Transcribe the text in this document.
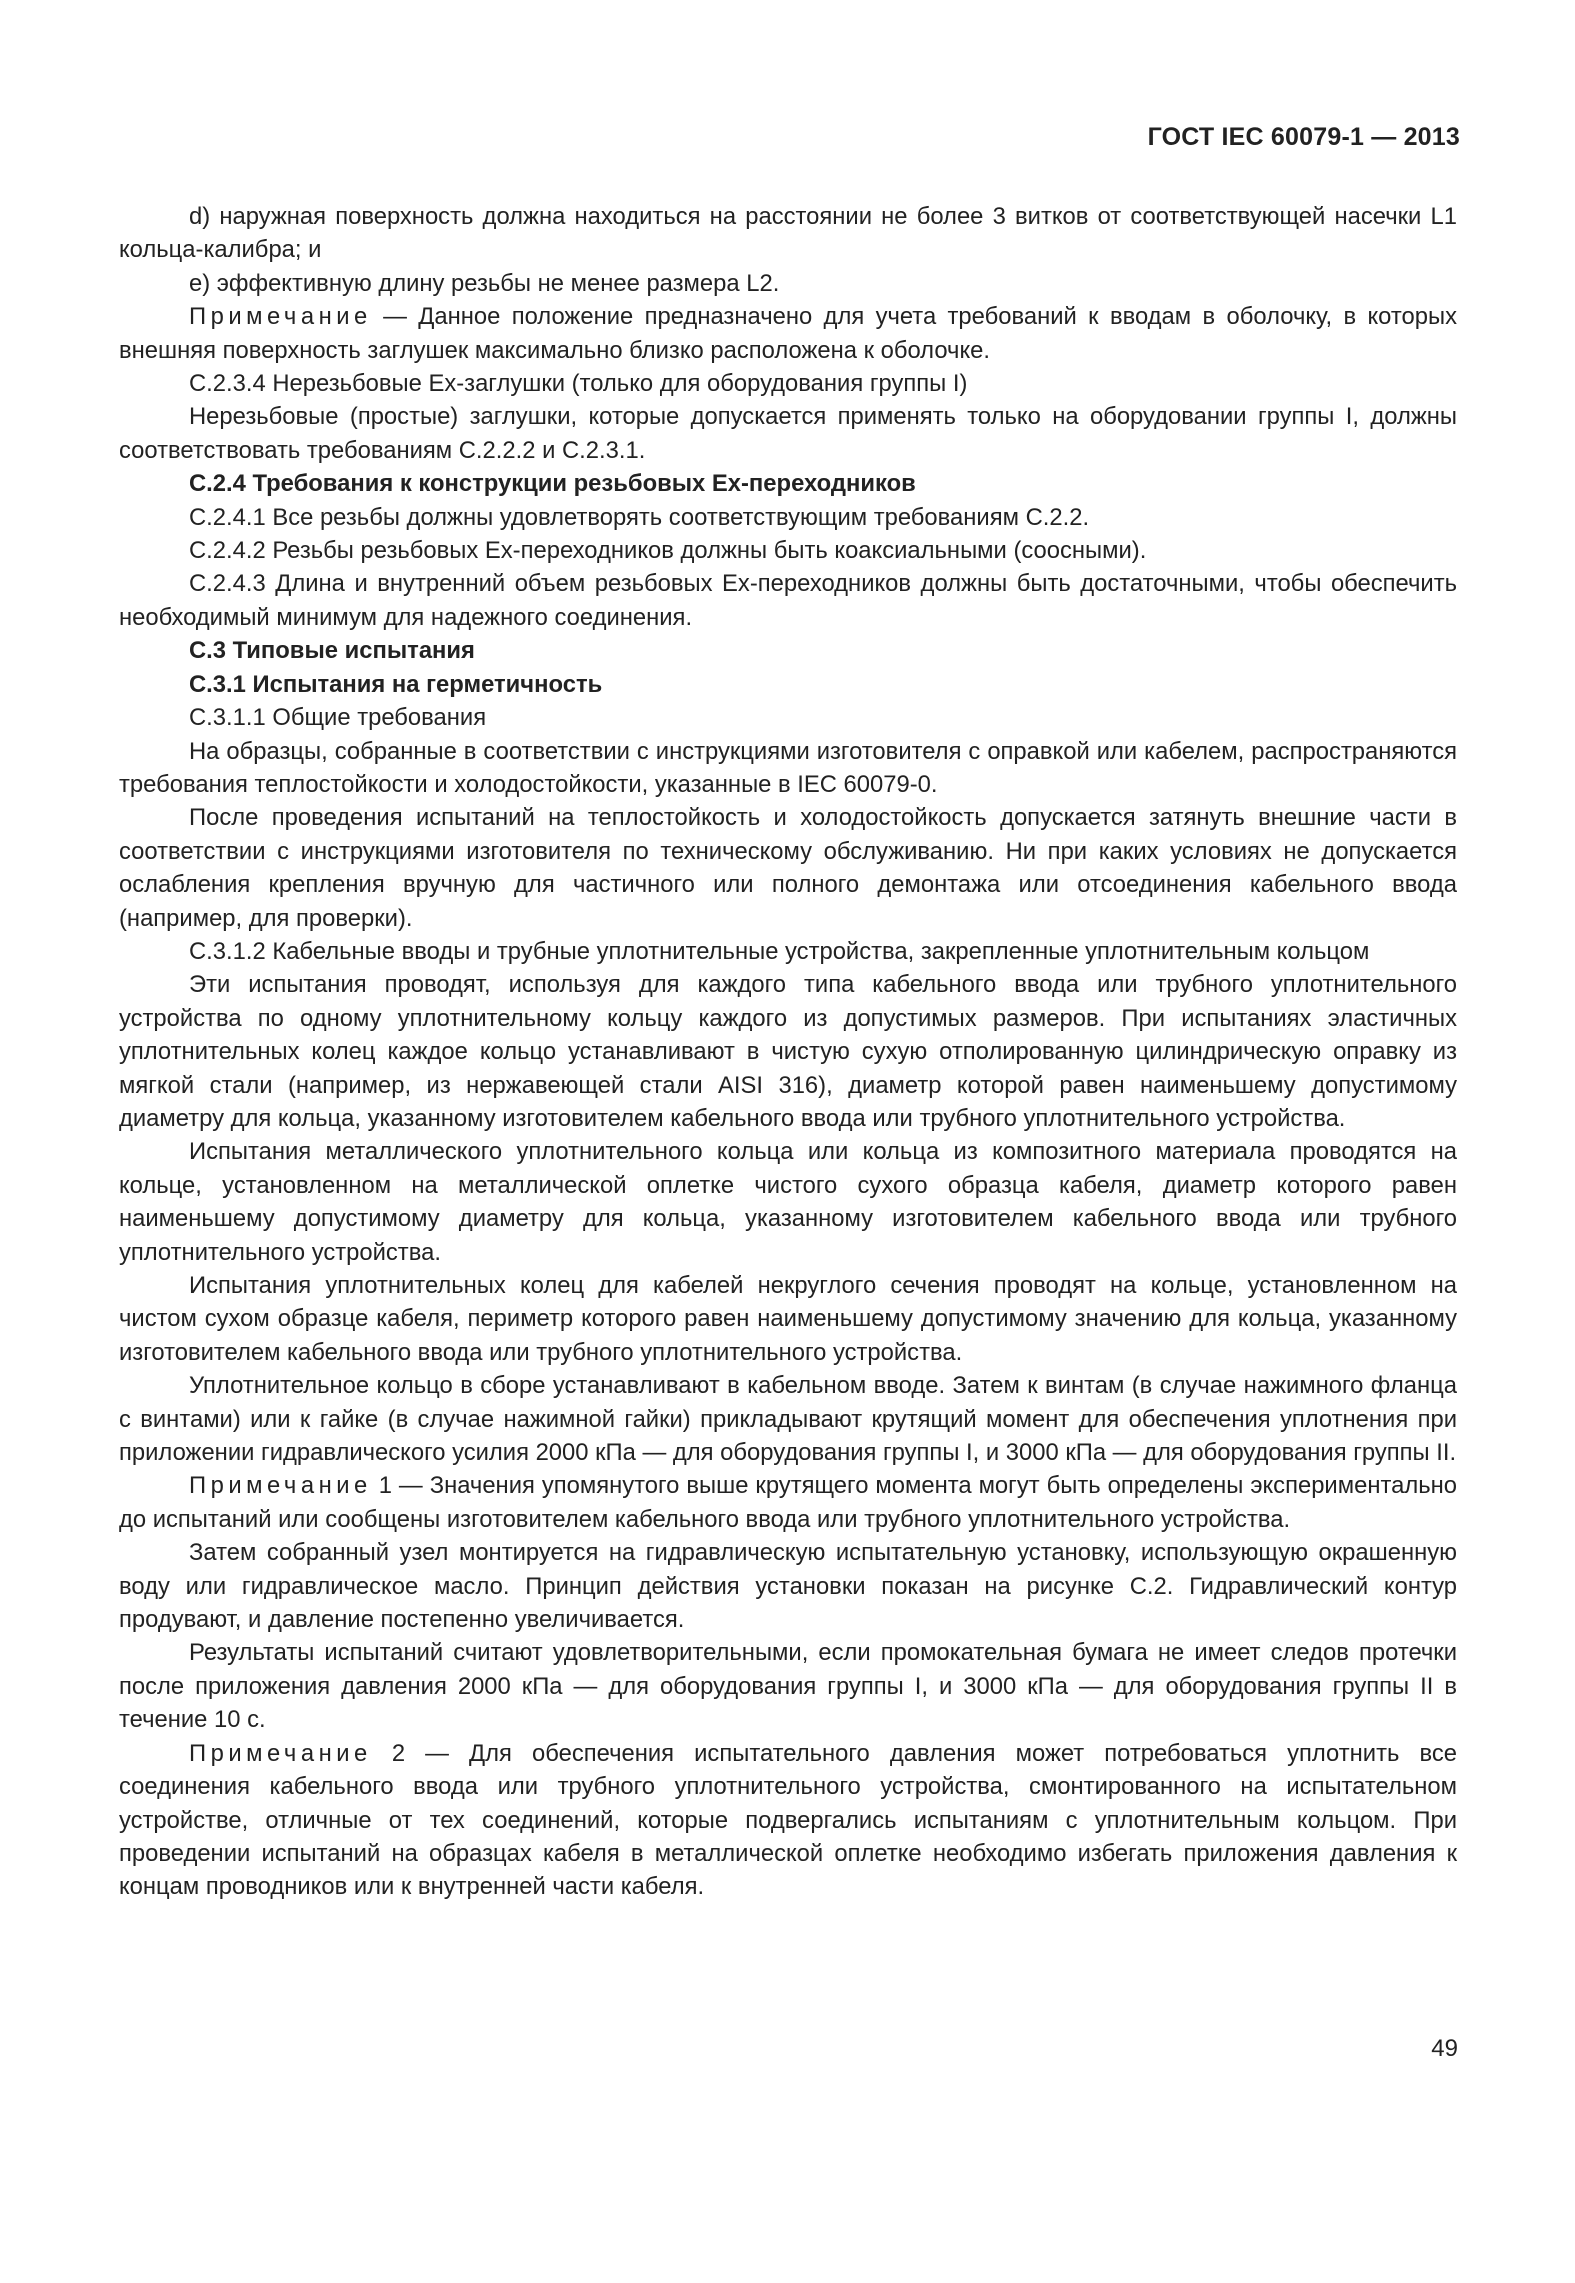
ГОСТ IEC 60079-1 — 2013

d) наружная поверхность должна находиться на расстоянии не более 3 витков от соответствующей насечки L1 кольца-калибра; и

e) эффективную длину резьбы не менее размера L2.

Примечание — Данное положение предназначено для учета требований к вводам в оболочку, в которых внешняя поверхность заглушек максимально близко расположена к оболочке.

С.2.3.4 Нерезьбовые Ex-заглушки (только для оборудования группы I)

Нерезьбовые (простые) заглушки, которые допускается применять только на оборудовании группы I, должны соответствовать требованиям С.2.2.2 и С.2.3.1.

С.2.4 Требования к конструкции резьбовых Ex-переходников

С.2.4.1 Все резьбы должны удовлетворять соответствующим требованиям С.2.2.

С.2.4.2 Резьбы резьбовых Ex-переходников должны быть коаксиальными (соосными).

С.2.4.3 Длина и внутренний объем резьбовых Ex-переходников должны быть достаточными, чтобы обеспечить необходимый минимум для надежного соединения.

С.3 Типовые испытания

С.3.1 Испытания на герметичность

С.3.1.1 Общие требования

На образцы, собранные в соответствии с инструкциями изготовителя с оправкой или кабелем, распространяются требования теплостойкости и холодостойкости, указанные в IEC 60079-0.

После проведения испытаний на теплостойкость и холодостойкость допускается затянуть внешние части в соответствии с инструкциями изготовителя по техническому обслуживанию. Ни при каких условиях не допускается ослабления крепления вручную для частичного или полного демонтажа или отсоединения кабельного ввода (например, для проверки).

С.3.1.2 Кабельные вводы и трубные уплотнительные устройства, закрепленные уплотнительным кольцом

Эти испытания проводят, используя для каждого типа кабельного ввода или трубного уплотнительного устройства по одному уплотнительному кольцу каждого из допустимых размеров. При испытаниях эластичных уплотнительных колец каждое кольцо устанавливают в чистую сухую отполированную цилиндрическую оправку из мягкой стали (например, из нержавеющей стали AISI 316), диаметр которой равен наименьшему допустимому диаметру для кольца, указанному изготовителем кабельного ввода или трубного уплотнительного устройства.

Испытания металлического уплотнительного кольца или кольца из композитного материала проводятся на кольце, установленном на металлической оплетке чистого сухого образца кабеля, диаметр которого равен наименьшему допустимому диаметру для кольца, указанному изготовителем кабельного ввода или трубного уплотнительного устройства.

Испытания уплотнительных колец для кабелей некруглого сечения проводят на кольце, установленном на чистом сухом образце кабеля, периметр которого равен наименьшему допустимому значению для кольца, указанному изготовителем кабельного ввода или трубного уплотнительного устройства.

Уплотнительное кольцо в сборе устанавливают в кабельном вводе. Затем к винтам (в случае нажимного фланца с винтами) или к гайке (в случае нажимной гайки) прикладывают крутящий момент для обеспечения уплотнения при приложении гидравлического усилия 2000 кПа — для оборудования группы I, и 3000 кПа — для оборудования группы II.

Примечание 1 — Значения упомянутого выше крутящего момента могут быть определены экспериментально до испытаний или сообщены изготовителем кабельного ввода или трубного уплотнительного устройства.

Затем собранный узел монтируется на гидравлическую испытательную установку, использующую окрашенную воду или гидравлическое масло. Принцип действия установки показан на рисунке С.2. Гидравлический контур продувают, и давление постепенно увеличивается.

Результаты испытаний считают удовлетворительными, если промокательная бумага не имеет следов протечки после приложения давления 2000 кПа — для оборудования группы I, и 3000 кПа — для оборудования группы II в течение 10 с.

Примечание 2 — Для обеспечения испытательного давления может потребоваться уплотнить все соединения кабельного ввода или трубного уплотнительного устройства, смонтированного на испытательном устройстве, отличные от тех соединений, которые подвергались испытаниям с уплотнительным кольцом. При проведении испытаний на образцах кабеля в металлической оплетке необходимо избегать приложения давления к концам проводников или к внутренней части кабеля.

49
